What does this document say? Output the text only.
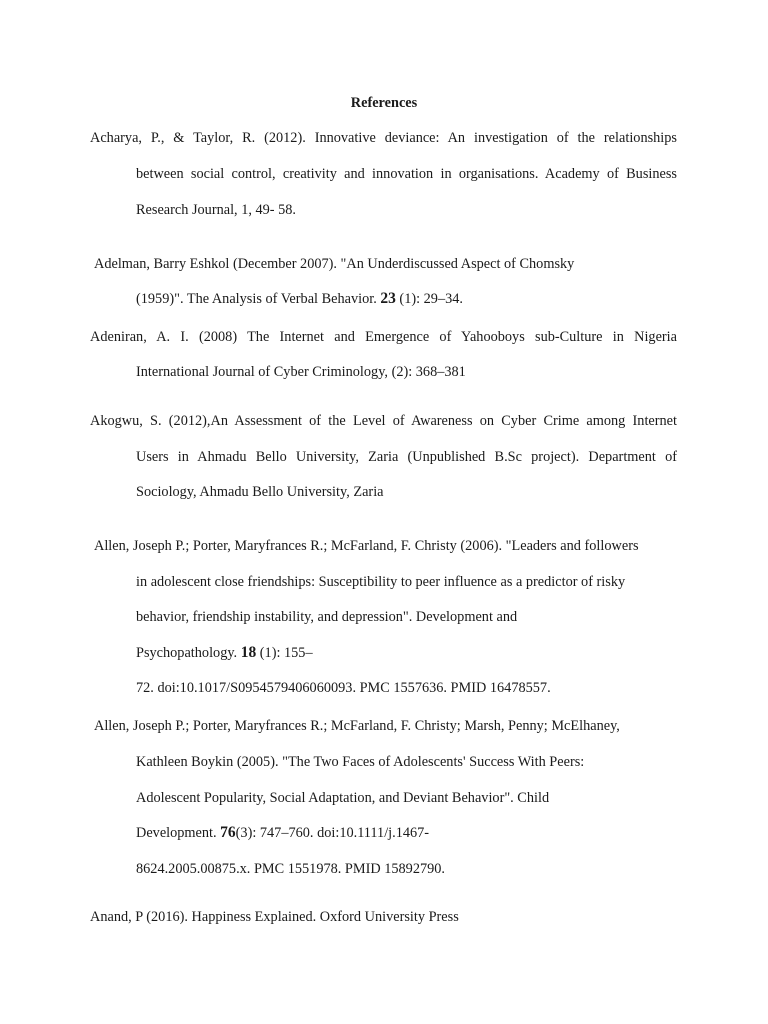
References
Acharya, P., & Taylor, R. (2012). Innovative deviance: An investigation of the relationships
between social control, creativity and innovation in organisations. Academy of Business
Research Journal, 1, 49- 58.
Adelman, Barry Eshkol (December 2007). "An Underdiscussed Aspect of Chomsky
(1959)". The Analysis of Verbal Behavior. 23 (1): 29–34.
Adeniran, A. I. (2008) The Internet and Emergence of Yahooboys sub-Culture in Nigeria
International Journal of Cyber Criminology, (2): 368–381
Akogwu, S. (2012),An Assessment of the Level of Awareness on Cyber Crime among Internet
Users in Ahmadu Bello University, Zaria (Unpublished B.Sc project). Department of
Sociology, Ahmadu Bello University, Zaria
Allen, Joseph P.; Porter, Maryfrances R.; McFarland, F. Christy (2006). "Leaders and followers
in adolescent close friendships: Susceptibility to peer influence as a predictor of risky
behavior, friendship instability, and depression". Development and
Psychopathology. 18 (1): 155–
72. doi:10.1017/S0954579406060093. PMC 1557636. PMID 16478557.
Allen, Joseph P.; Porter, Maryfrances R.; McFarland, F. Christy; Marsh, Penny; McElhaney,
Kathleen Boykin (2005). "The Two Faces of Adolescents' Success With Peers:
Adolescent Popularity, Social Adaptation, and Deviant Behavior". Child
Development. 76(3): 747–760. doi:10.1111/j.1467-
8624.2005.00875.x. PMC 1551978. PMID 15892790.
Anand, P (2016). Happiness Explained. Oxford University Press
